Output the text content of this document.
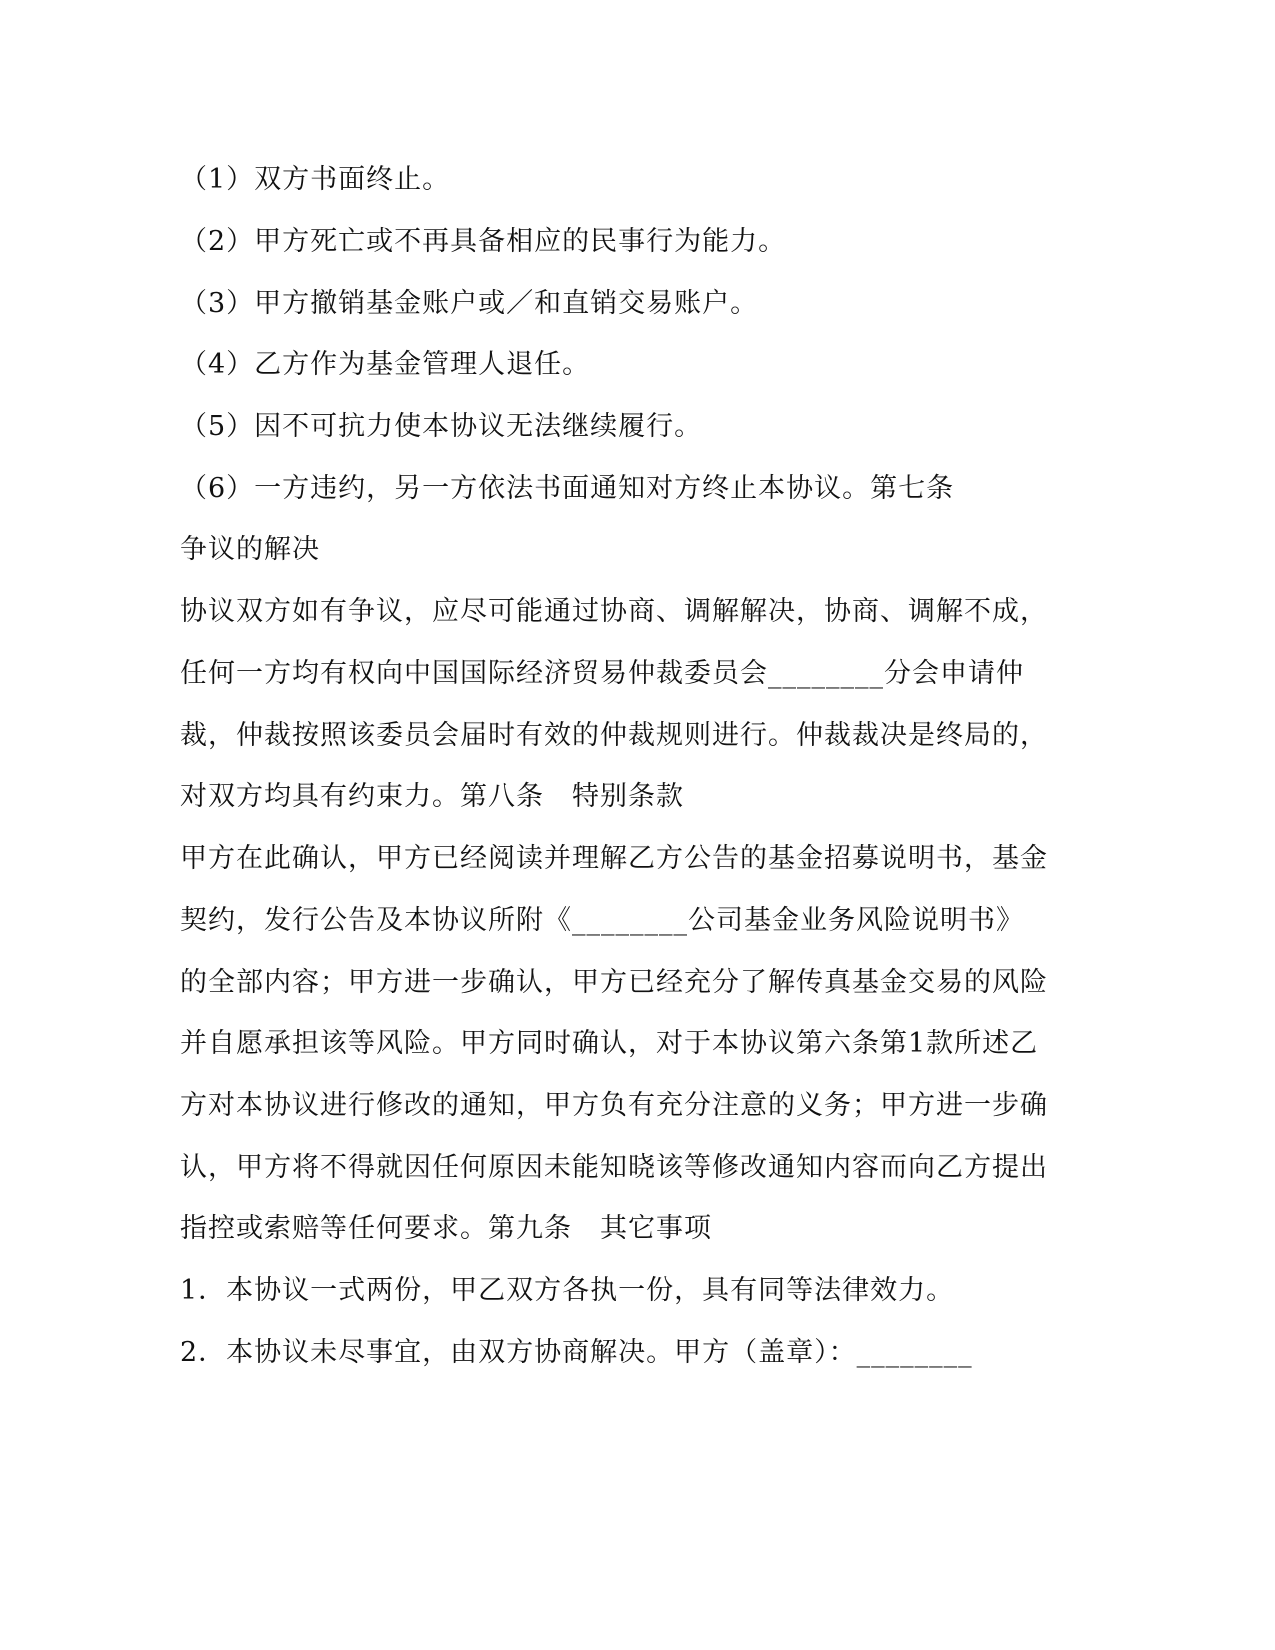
（1）双方书面终止。
（2）甲方死亡或不再具备相应的民事行为能力。
（3）甲方撤销基金账户或／和直销交易账户。
（4）乙方作为基金管理人退任。
（5）因不可抗力使本协议无法继续履行。
（6）一方违约，另一方依法书面通知对方终止本协议。第七条
争议的解决
协议双方如有争议，应尽可能通过协商、调解解决，协商、调解不成，
任何一方均有权向中国国际经济贸易仲裁委员会________分会申请仲
裁，仲裁按照该委员会届时有效的仲裁规则进行。仲裁裁决是终局的，
对双方均具有约束力。第八条　特别条款
甲方在此确认，甲方已经阅读并理解乙方公告的基金招募说明书，基金
契约，发行公告及本协议所附《________公司基金业务风险说明书》
的全部内容；甲方进一步确认，甲方已经充分了解传真基金交易的风险
并自愿承担该等风险。甲方同时确认，对于本协议第六条第1款所述乙
方对本协议进行修改的通知，甲方负有充分注意的义务；甲方进一步确
认，甲方将不得就因任何原因未能知晓该等修改通知内容而向乙方提出
指控或索赔等任何要求。第九条　其它事项
1．本协议一式两份，甲乙双方各执一份，具有同等法律效力。
2．本协议未尽事宜，由双方协商解决。甲方（盖章）：________
